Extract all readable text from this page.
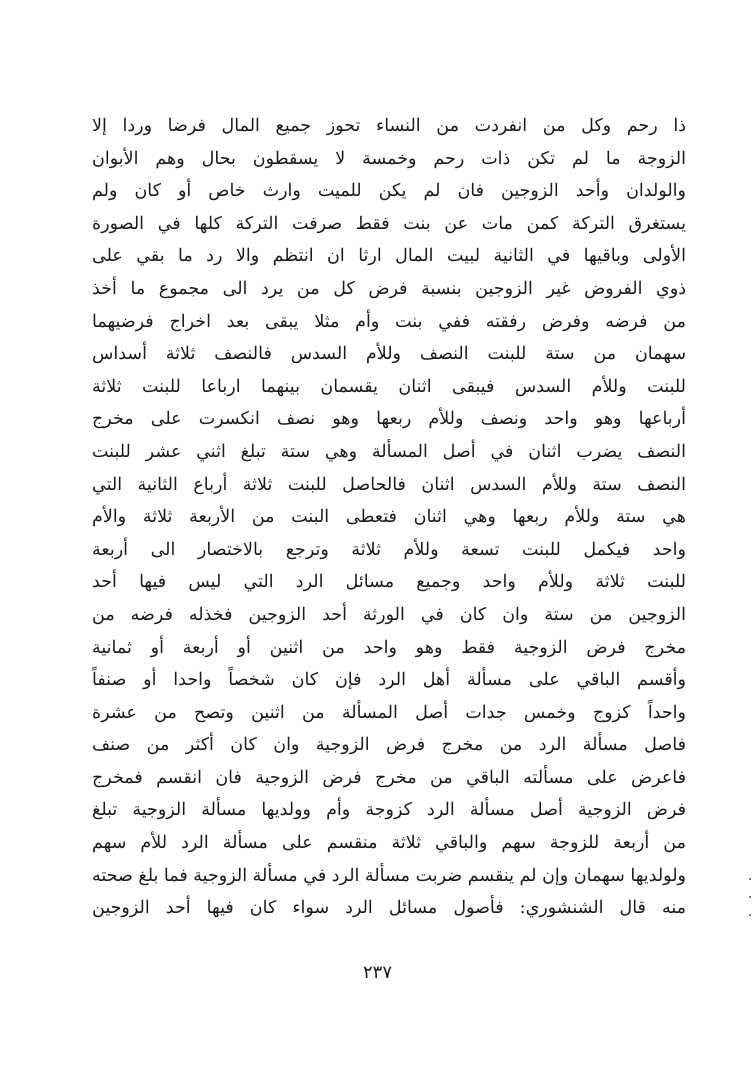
ذا رحم وكل من انفردت من النساء تحوز جميع المال فرضا وردا إلا
الزوجة ما لم تكن ذات رحم وخمسة لا يسقطون بحال وهم الأبوان
والولدان وأحد الزوجين فان لم يكن للميت وارث خاص أو كان ولم
يستغرق التركة كمن مات عن بنت فقط صرفت التركة كلها في الصورة
الأولى وباقيها في الثانية لبيت المال ارثا ان انتظم والا رد ما بقي على
ذوي الفروض غير الزوجين بنسبة فرض كل من يرد الى مجموع ما أخذ
من فرضه وفرض رفقته ففي بنت وأم مثلا يبقى بعد اخراج فرضيهما
سهمان من ستة للبنت النصف وللأم السدس فالنصف ثلاثة أسداس
للبنت وللأم السدس فيبقى اثنان يقسمان بينهما ارباعا للبنت ثلاثة
أرباعها وهو واحد ونصف وللأم ربعها وهو نصف انكسرت على مخرج
النصف يضرب اثنان في أصل المسألة وهي ستة تبلغ اثني عشر للبنت
النصف ستة وللأم السدس اثنان فالحاصل للبنت ثلاثة أرباع الثانية التي
هي ستة وللأم ربعها وهي اثنان فتعطى البنت من الأربعة ثلاثة والأم
واحد فيكمل للبنت تسعة وللأم ثلاثة وترجع بالاختصار الى أربعة
للبنت ثلاثة وللأم واحد وجميع مسائل الرد التي ليس فيها أحد
الزوجين من ستة وان كان في الورثة أحد الزوجين فخذله فرضه من
مخرج فرض الزوجية فقط وهو واحد من اثنين أو أربعة أو ثمانية
وأقسم الباقي على مسألة أهل الرد فإن كان شخصاً واحدا أو صنفاً
واحداً كزوج وخمس جدات أصل المسألة من اثنين وتصح من عشرة
فاصل مسألة الرد من مخرج فرض الزوجية وان كان أكثر من صنف
فاعرض على مسألته الباقي من مخرج فرض الزوجية فان انقسم فمخرج
فرض الزوجية أصل مسألة الرد كزوجة وأم وولديها مسألة الزوجية تبلغ
من أربعة للزوجة سهم والباقي ثلاثة منقسم على مسألة الرد للأم سهم
ولولديها سهمان وإن لم ينقسم ضربت مسألة الرد في مسألة الزوجية فما بلغ صحته
منه قال الشنشوري: فأصول مسائل الرد سواء كان فيها أحد الزوجين
٢٣٧
